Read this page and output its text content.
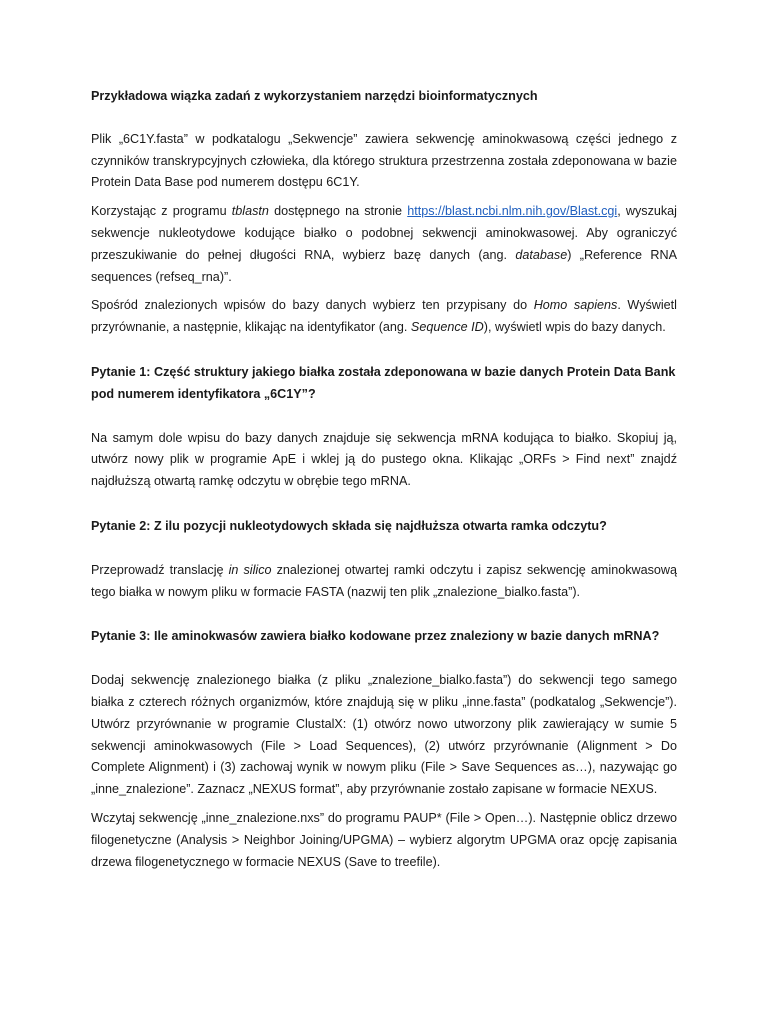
Przykładowa wiązka zadań z wykorzystaniem narzędzi bioinformatycznych

Plik „6C1Y.fasta” w podkatalogu „Sekwencje” zawiera sekwencję aminokwasową części jednego z czynników transkrypcyjnych człowieka, dla którego struktura przestrzenna została zdeponowana w bazie Protein Data Base pod numerem dostępu 6C1Y.

Korzystając z programu tblastn dostępnego na stronie https://blast.ncbi.nlm.nih.gov/Blast.cgi, wyszukaj sekwencje nukleotydowe kodujące białko o podobnej sekwencji aminokwasowej. Aby ograniczyć przeszukiwanie do pełnej długości RNA, wybierz bazę danych (ang. database) „Reference RNA sequences (refseq_rna)”.

Spośród znalezionych wpisów do bazy danych wybierz ten przypisany do Homo sapiens. Wyświetl przyrównanie, a następnie, klikając na identyfikator (ang. Sequence ID), wyświetl wpis do bazy danych.

Pytanie 1: Część struktury jakiego białka została zdeponowana w bazie danych Protein Data Bank pod numerem identyfikatora „6C1Y”?

Na samym dole wpisu do bazy danych znajduje się sekwencja mRNA kodująca to białko. Skopiuj ją, utwórz nowy plik w programie ApE i wklej ją do pustego okna. Klikając „ORFs > Find next” znajdź najdłuższą otwartą ramkę odczytu w obrębie tego mRNA.

Pytanie 2: Z ilu pozycji nukleotydowych składa się najdłuższa otwarta ramka odczytu?

Przeprowadź translację in silico znalezionej otwartej ramki odczytu i zapisz sekwencję aminokwasową tego białka w nowym pliku w formacie FASTA (nazwij ten plik „znalezione_bialko.fasta”).

Pytanie 3: Ile aminokwasów zawiera białko kodowane przez znaleziony w bazie danych mRNA?

Dodaj sekwencję znalezionego białka (z pliku „znalezione_bialko.fasta”) do sekwencji tego samego białka z czterech różnych organizmów, które znajdują się w pliku „inne.fasta” (podkatalog „Sekwencje”). Utwórz przyrównanie w programie ClustalX: (1) otwórz nowo utworzony plik zawierający w sumie 5 sekwencji aminokwasowych (File > Load Sequences), (2) utwórz przyrównanie (Alignment > Do Complete Alignment) i (3) zachowaj wynik w nowym pliku (File > Save Sequences as…), nazywając go „inne_znalezione”. Zaznacz „NEXUS format”, aby przyrównanie zostało zapisane w formacie NEXUS.

Wczytaj sekwencję „inne_znalezione.nxs” do programu PAUP* (File > Open…). Następnie oblicz drzewo filogenetyczne (Analysis > Neighbor Joining/UPGMA) – wybierz algorytm UPGMA oraz opcję zapisania drzewa filogenetycznego w formacie NEXUS (Save to treefile).
